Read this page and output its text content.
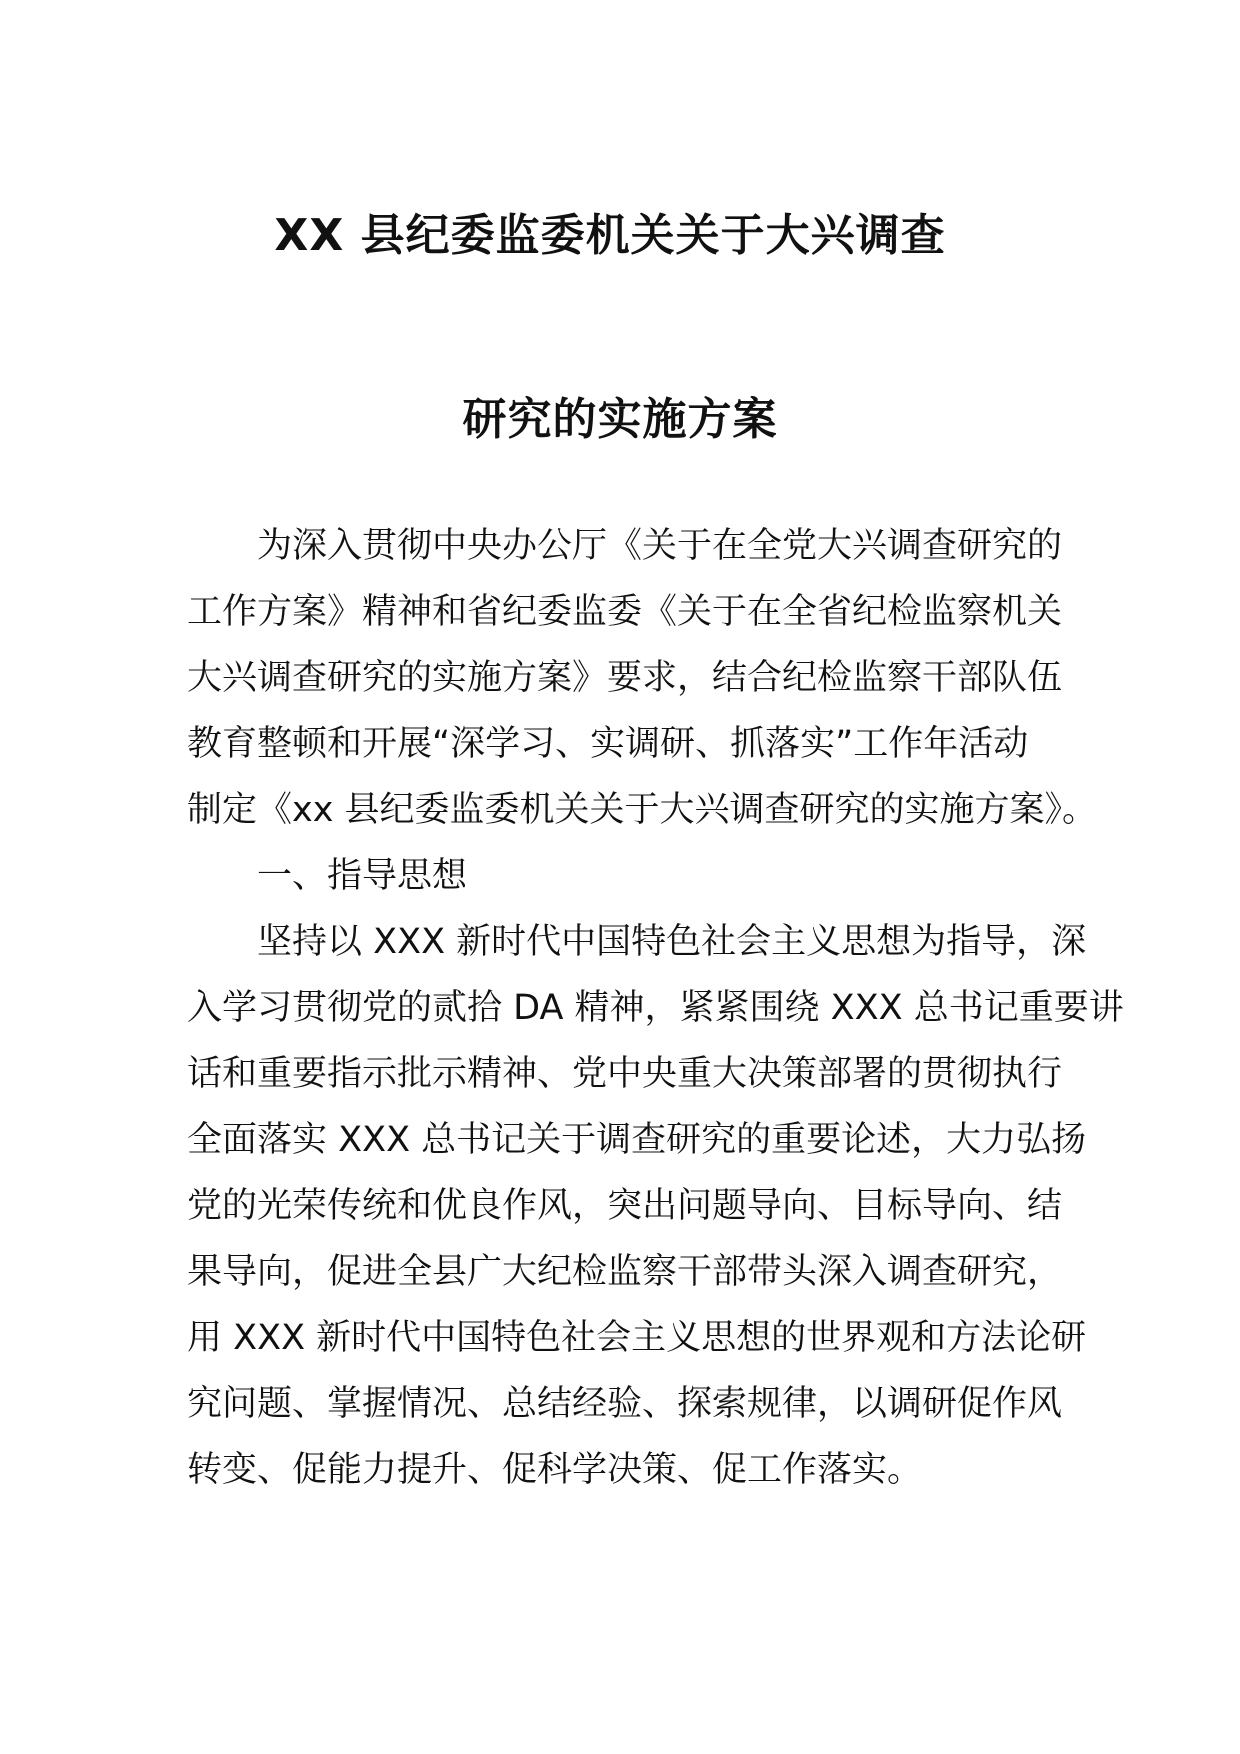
XX 县纪委监委机关关于大兴调查
研究的实施方案
为深入贯彻中央办公厅《关于在全党大兴调查研究的
工作方案》精神和省纪委监委《关于在全省纪检监察机关
大兴调查研究的实施方案》要求，结合纪检监察干部队伍
教育整顿和开展“深学习、实调研、抓落实”工作年活动
制定《xx 县纪委监委机关关于大兴调查研究的实施方案》。
一、指导思想
坚持以 XXX 新时代中国特色社会主义思想为指导，深
入学习贯彻党的贰拾 DA 精神，紧紧围绕 XXX 总书记重要讲
话和重要指示批示精神、党中央重大决策部署的贯彻执行
全面落实 XXX 总书记关于调查研究的重要论述，大力弘扬
党的光荣传统和优良作风，突出问题导向、目标导向、结
果导向，促进全县广大纪检监察干部带头深入调查研究，
用 XXX 新时代中国特色社会主义思想的世界观和方法论研
究问题、掌握情况、总结经验、探索规律，以调研促作风
转变、促能力提升、促科学决策、促工作落实。
